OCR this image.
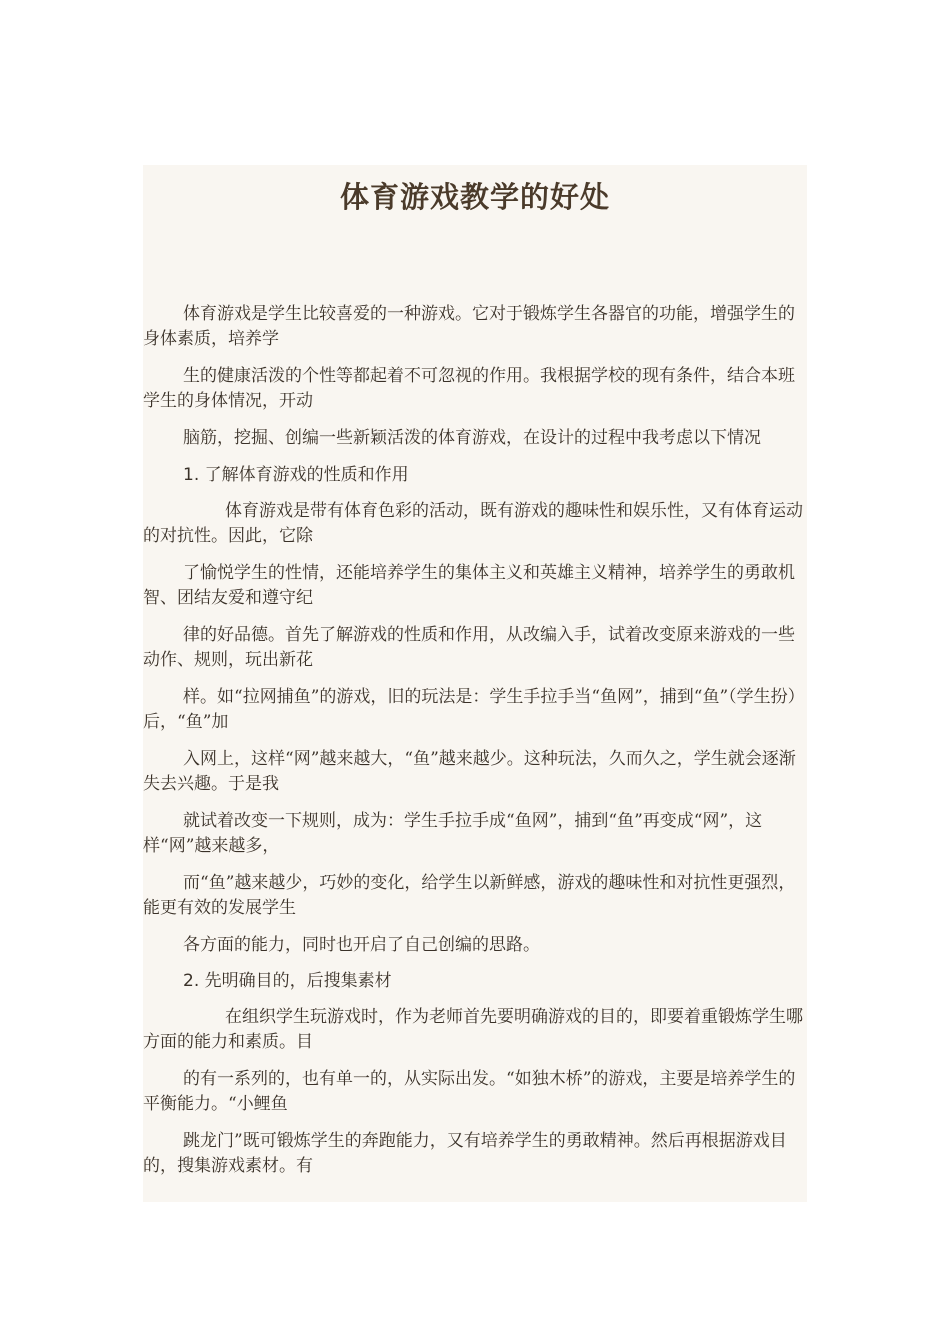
体育游戏教学的好处

体育游戏是学生比较喜爱的一种游戏。它对于锻炼学生各器官的功能，增强学生的身体素质，培养学

生的健康活泼的个性等都起着不可忽视的作用。我根据学校的现有条件，结合本班学生的身体情况，开动

脑筋，挖掘、创编一些新颖活泼的体育游戏，在设计的过程中我考虑以下情况

1. 了解体育游戏的性质和作用

体育游戏是带有体育色彩的活动，既有游戏的趣味性和娱乐性，又有体育运动的对抗性。因此，它除

了愉悦学生的性情，还能培养学生的集体主义和英雄主义精神，培养学生的勇敢机智、团结友爱和遵守纪

律的好品德。首先了解游戏的性质和作用，从改编入手，试着改变原来游戏的一些动作、规则，玩出新花

样。如“拉网捕鱼”的游戏，旧的玩法是：学生手拉手当“鱼网”，捕到“鱼”（学生扮）后，“鱼”加

入网上，这样“网”越来越大，“鱼”越来越少。这种玩法，久而久之，学生就会逐渐失去兴趣。于是我

就试着改变一下规则，成为：学生手拉手成“鱼网”，捕到“鱼”再变成“网”，这样“网”越来越多，

而“鱼”越来越少，巧妙的变化，给学生以新鲜感，游戏的趣味性和对抗性更强烈，能更有效的发展学生

各方面的能力，同时也开启了自己创编的思路。

2. 先明确目的，后搜集素材

在组织学生玩游戏时，作为老师首先要明确游戏的目的，即要着重锻炼学生哪方面的能力和素质。目

的有一系列的，也有单一的，从实际出发。“如独木桥”的游戏，主要是培养学生的平衡能力。“小鲤鱼

跳龙门”既可锻炼学生的奔跑能力，又有培养学生的勇敢精神。然后再根据游戏目的，搜集游戏素材。有
